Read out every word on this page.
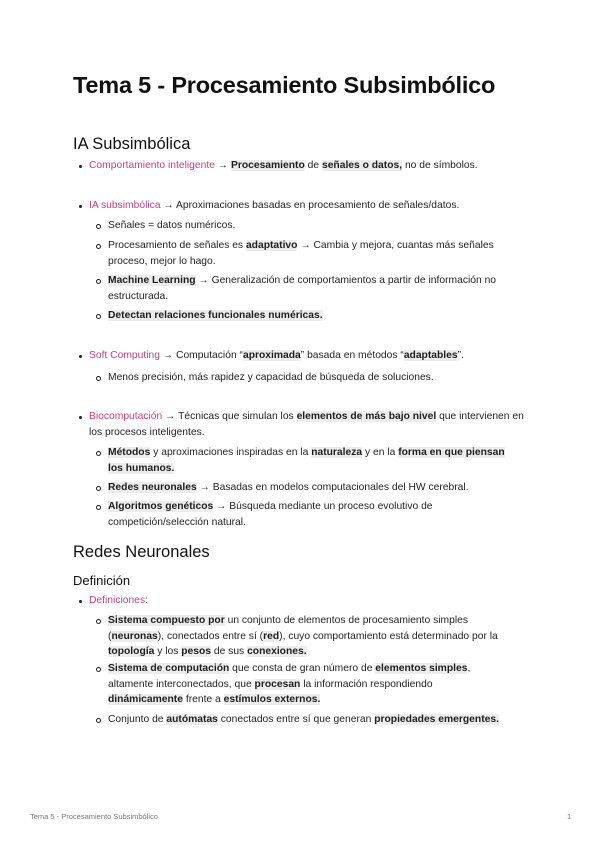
Tema 5 - Procesamiento Subsimbólico
IA Subsimbólica

Comportamiento inteligente → Procesamiento de señales o datos, no de símbolos.

IA subsimbólica → Aproximaciones basadas en procesamiento de señales/datos.

Señales = datos numéricos.

Procesamiento de señales es adaptativo → Cambia y mejora, cuantas más señales proceso, mejor lo hago.

Machine Learning → Generalización de comportamientos a partir de información no estructurada.

Detectan relaciones funcionales numéricas.

Soft Computing → Computación “aproximada” basada en métodos “adaptables”.

Menos precisión, más rapidez y capacidad de búsqueda de soluciones.

Biocomputación → Técnicas que simulan los elementos de más bajo nivel que intervienen en los procesos inteligentes.

Métodos y aproximaciones inspiradas en la naturaleza y en la forma en que piensan los humanos.

Redes neuronales → Basadas en modelos computacionales del HW cerebral.

Algoritmos genéticos → Búsqueda mediante un proceso evolutivo de competición/selección natural.

Redes Neuronales
Definición

Definiciones:

Sistema compuesto por un conjunto de elementos de procesamiento simples (neuronas), conectados entre sí (red), cuyo comportamiento está determinado por la topología y los pesos de sus conexiones.

Sistema de computación que consta de gran número de elementos simples, altamente interconectados, que procesan la información respondiendo dinámicamente frente a estímulos externos.

Conjunto de autómatas conectados entre sí que generan propiedades emergentes.

Tema 5 - Procesamiento Subsimbólico	1
